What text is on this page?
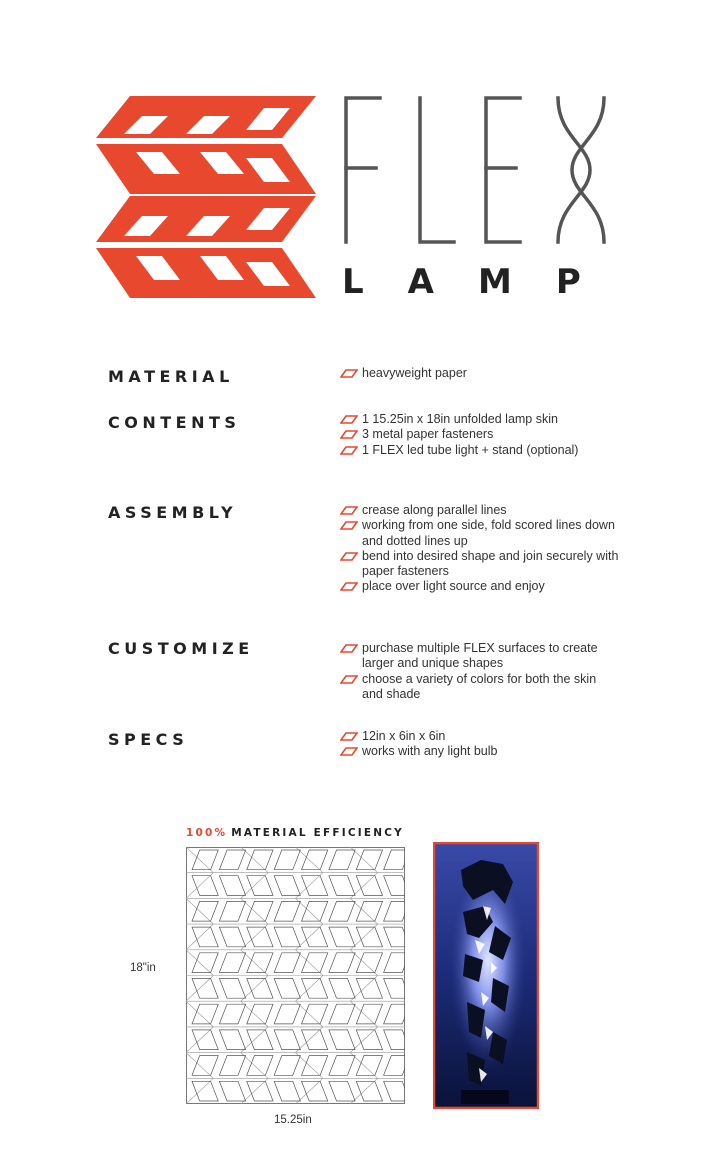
FLEX
LAMP
MATERIAL
CONTENTS
ASSEMBLY
CUSTOMIZE
SPECS
heavyweight paper
1 15.25in x 18in unfolded lamp skin
3 metal paper fasteners
1 FLEX led tube light + stand (optional)
crease along parallel lines
working from one side, fold scored lines down and dotted lines up
bend into desired shape and join securely with paper fasteners
place over light source and enjoy
purchase multiple FLEX surfaces to create larger and unique shapes
choose a variety of colors for both the skin and shade
12in x 6in x 6in
works with any light bulb
100% MATERIAL EFFICIENCY
18"in
15.25in
